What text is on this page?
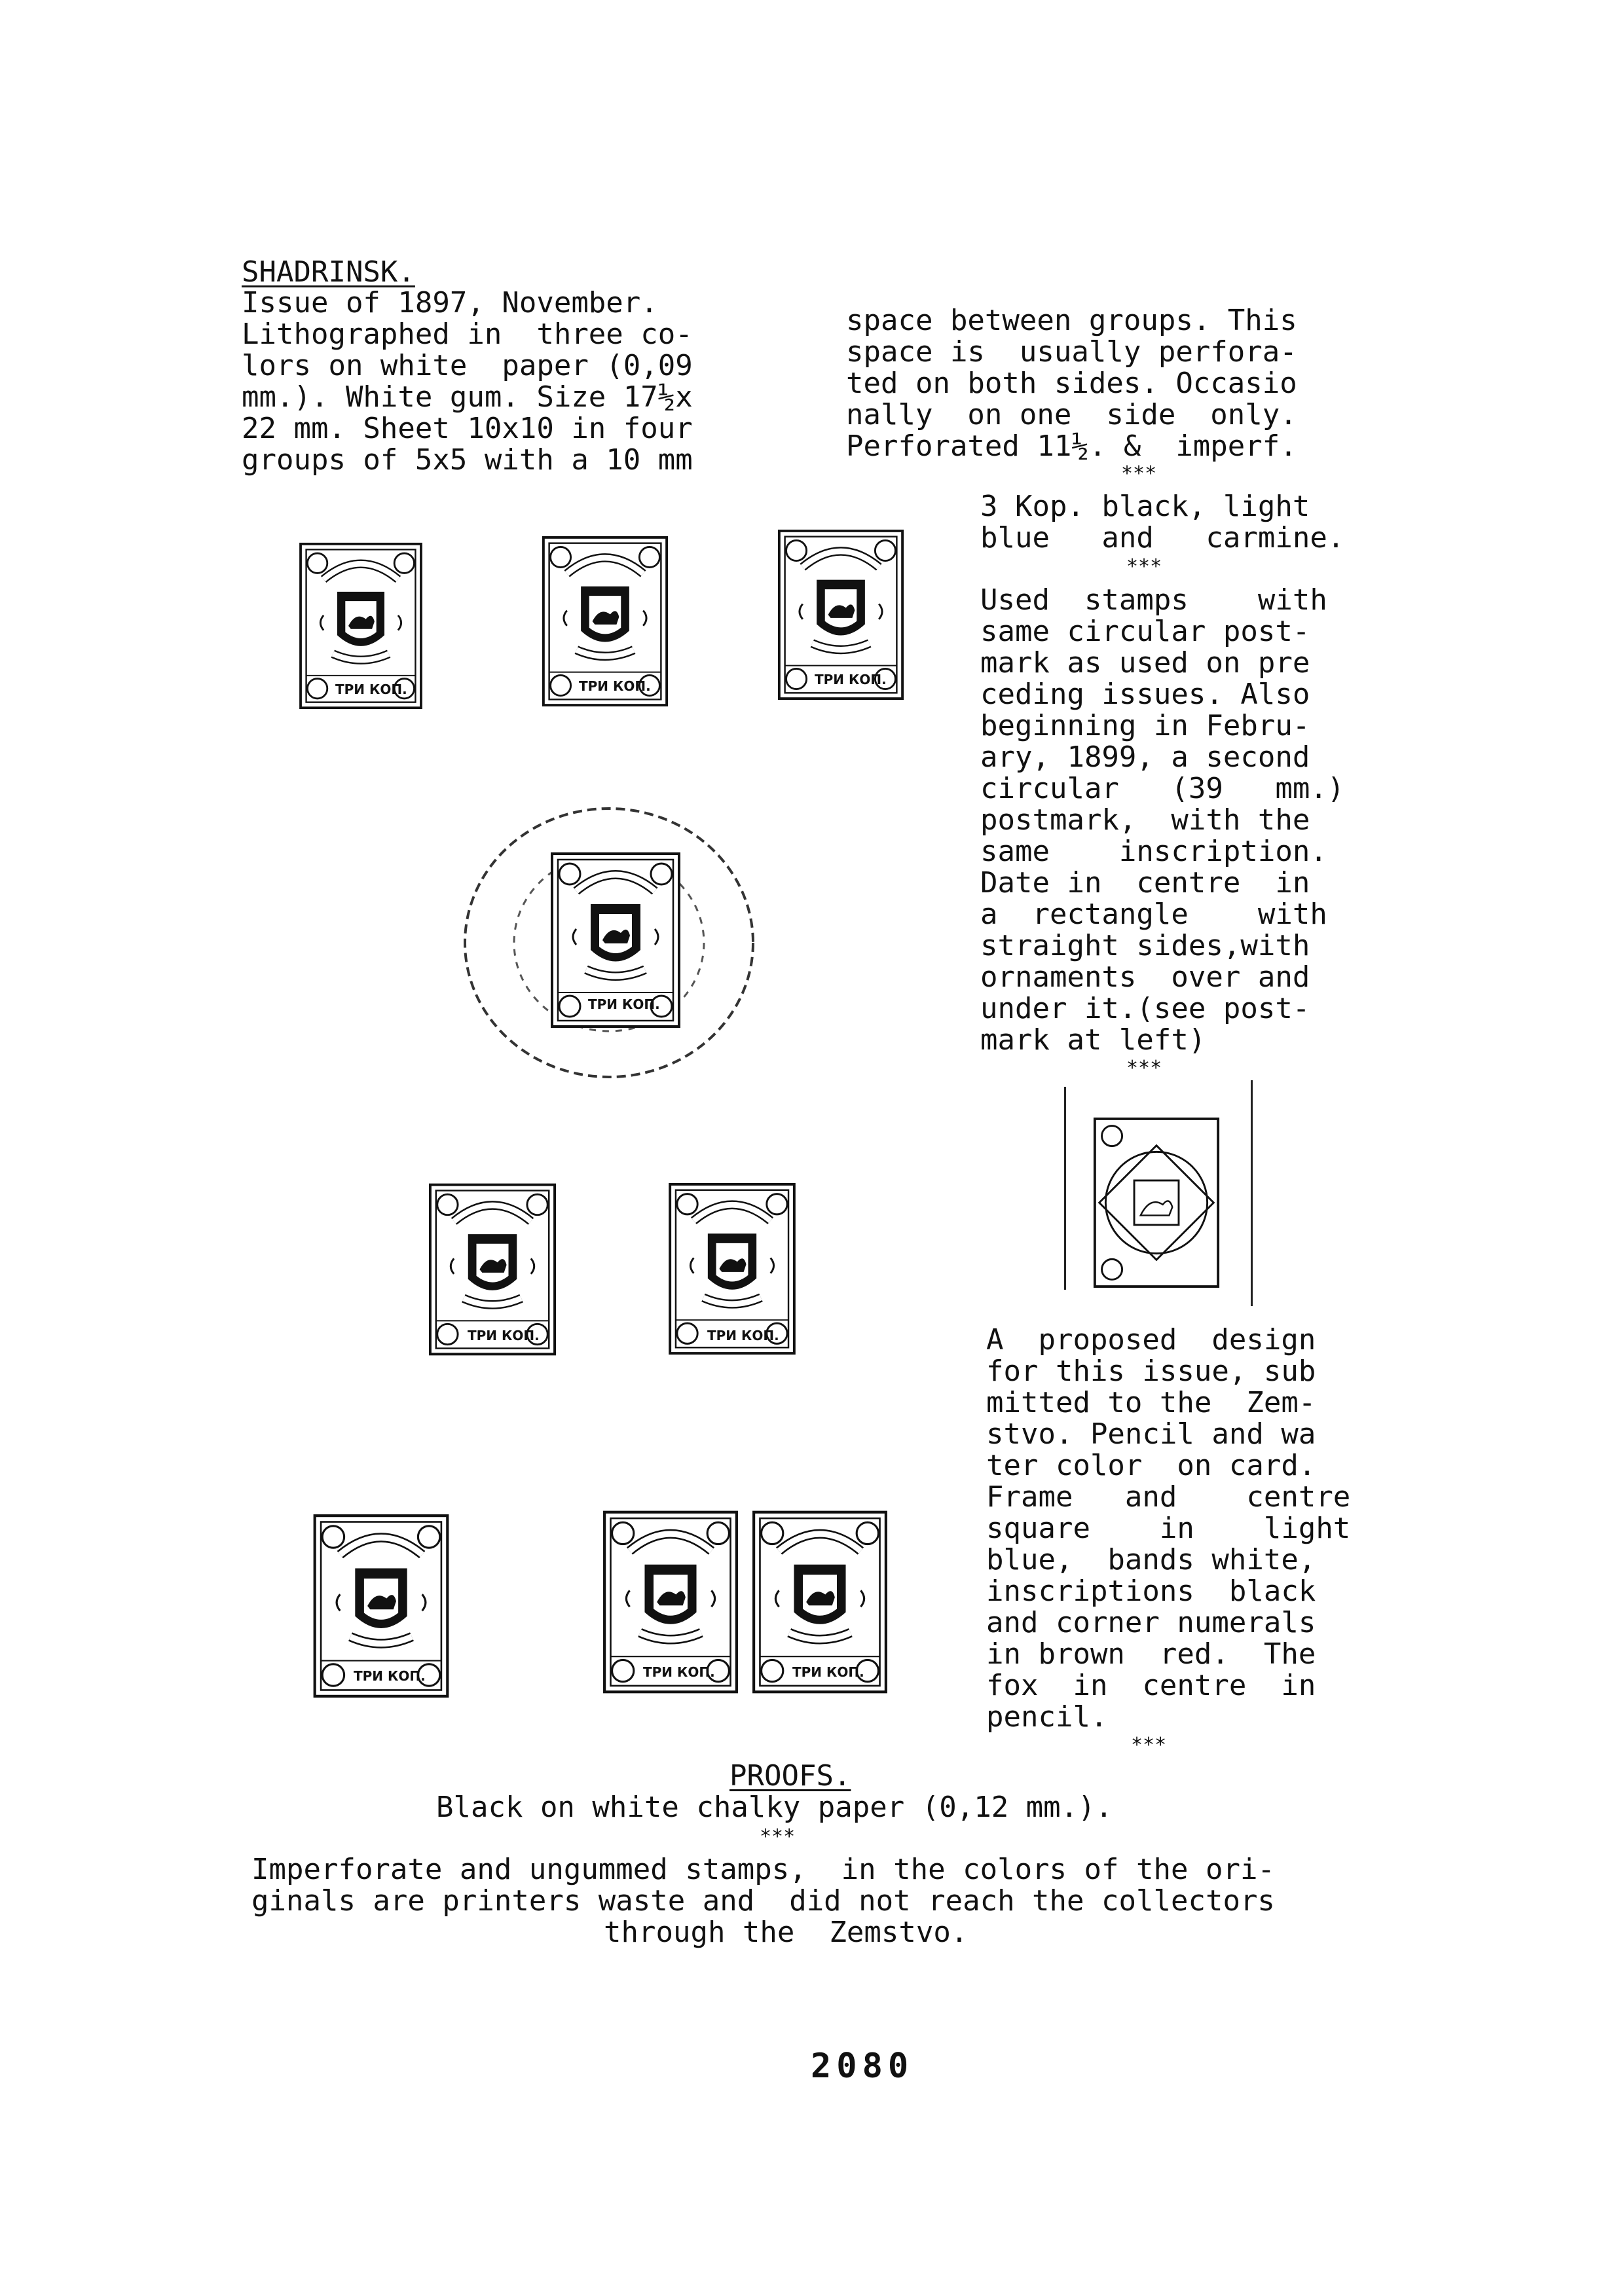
SHADRINSK.
Issue of 1897, November.
Lithographed in  three co-
lors on white  paper (0,09
mm.). White gum. Size 17½x
22 mm. Sheet 10x10 in four
groups of 5x5 with a 10 mm
space between groups. This
space is  usually perfora-
ted on both sides. Occasio
nally  on one  side  only.
Perforated 11½. &  imperf.
***
3 Kop. black, light
blue   and   carmine.
***
Used  stamps    with
same circular post-
mark as used on pre
ceding issues. Also
beginning in Febru-
ary, 1899, a second
circular   (39   mm.)
postmark,  with the
same    inscription.
Date in  centre  in
a  rectangle    with
straight sides,with
ornaments  over and
under it.(see post-
mark at left)
***
A  proposed  design
for this issue, sub
mitted to the  Zem-
stvo. Pencil and wa
ter color  on card.
Frame   and    centre
square    in    light
blue,  bands white,
inscriptions  black
and corner numerals
in brown  red.  The
fox  in  centre  in
pencil.
***
PROOFS.
Black on white chalky paper (0,12 mm.).
***
Imperforate and ungummed stamps,  in the colors of the ori-
ginals are printers waste and  did not reach the collectors
through the  Zemstvo.
2080
ТРИ КОП.	ТРИ КОП.	ТРИ КОП.
ТРИ КОП.
ТРИ КОП.	ТРИ КОП.
ТРИ КОП.	ТРИ КОП.	ТРИ КОП.
